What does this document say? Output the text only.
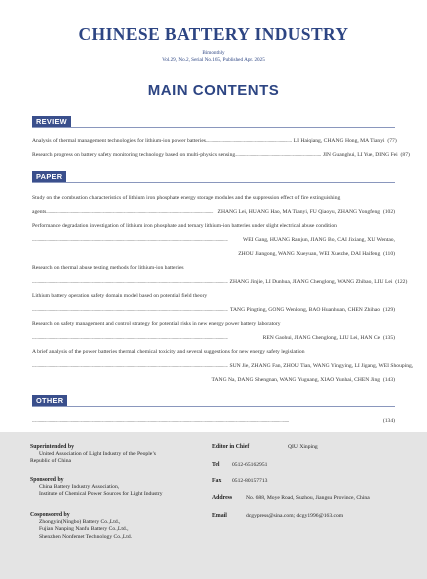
CHINESE BATTERY INDUSTRY
Bimonthly
Vol.29, No.2, Serial No.165, Published Apr. 2025
MAIN CONTENTS
REVIEW
Analysis of thermal management technologies for lithium-ion power batteries .............................................................................. LI Haiqiang, CHANG Hong, MA Tianyi (77)
Research progress on battery safety monitoring technology based on multi-physics sensing .............................................................................. JIN Guanghui, LI Yue, DING Fei (87)
PAPER
Study on the combustion characteristics of lithium iron phosphate energy storage modules and the suppression effect of fire extinguishing
agents ........................................................................................................................................................ ZHANG Lei, HUANG Hao, MA Tianyi, FU Qiaoyu, ZHANG Yongfeng (102)
Performance degradation investigation of lithium iron phosphate and ternary lithium-ion batteries under slight electrical abuse condition
..................................................................................................................................................................................	WEI Gang, HUANG Ranjun, JIANG Bo, CAI Jixiang, XU Wentao,
ZHOU Jiangong, WANG Xueyuan, WEI Xuezhe, DAI Haifeng (110)
Research on thermal abuse testing methods for lithium-ion batteries
.................................................................................................................................................................................. ZHANG Jinjie, LI Dunhua, JIANG Chenglong, WANG Zhibao, LIU Lei (122)
Lithium battery operation safety domain model based on potential field theory
.................................................................................................................................................................................. TANG Pingting, GONG Wenlong, BAO Huanhuan, CHEN Zhihao (129)
Research on safety management and control strategy for potential risks in new energy power battery laboratory
..................................................................................................................................................................................	REN Gaohui, JIANG Chenglong, LIU Lei, HAN Ce (135)
A brief analysis of the power batteries thermal chemical toxicity and several suggestions for new energy safety legislation
.................................................................................................................................................................................. SUN Jie, ZHANG Fan, ZHOU Tian, WANG Yingying, LI Jigang, WEI Shouping,
TANG Na, DANG Shengnan, WANG Yuguang, XIAO Yunhai, CHEN Jing (143)
OTHER
..........................................................................................................................................................................................................................................	(134)
Superintended by
United Association of Light Industry of the People’s
Republic of China
Sponsored by
China Battery Industry Association,
Institute of Chemical Power Sources for Light Industry
Cosponsored by
Zhongyin(Ningbo) Battery Co.,Ltd.,
Fujian Nanping Nanfu Battery Co.,Ltd.,
Shenzhen Nonfemet Technology Co.,Ltd.
Editor in Chief	QIU Xinping
Tel 0512-65162951
Fax 0512-80157713
Address No. 688, Moye Road, Suzhou, Jiangsu Province, China
Email	dcgypress@sina.com; dcgy1996@163.com
